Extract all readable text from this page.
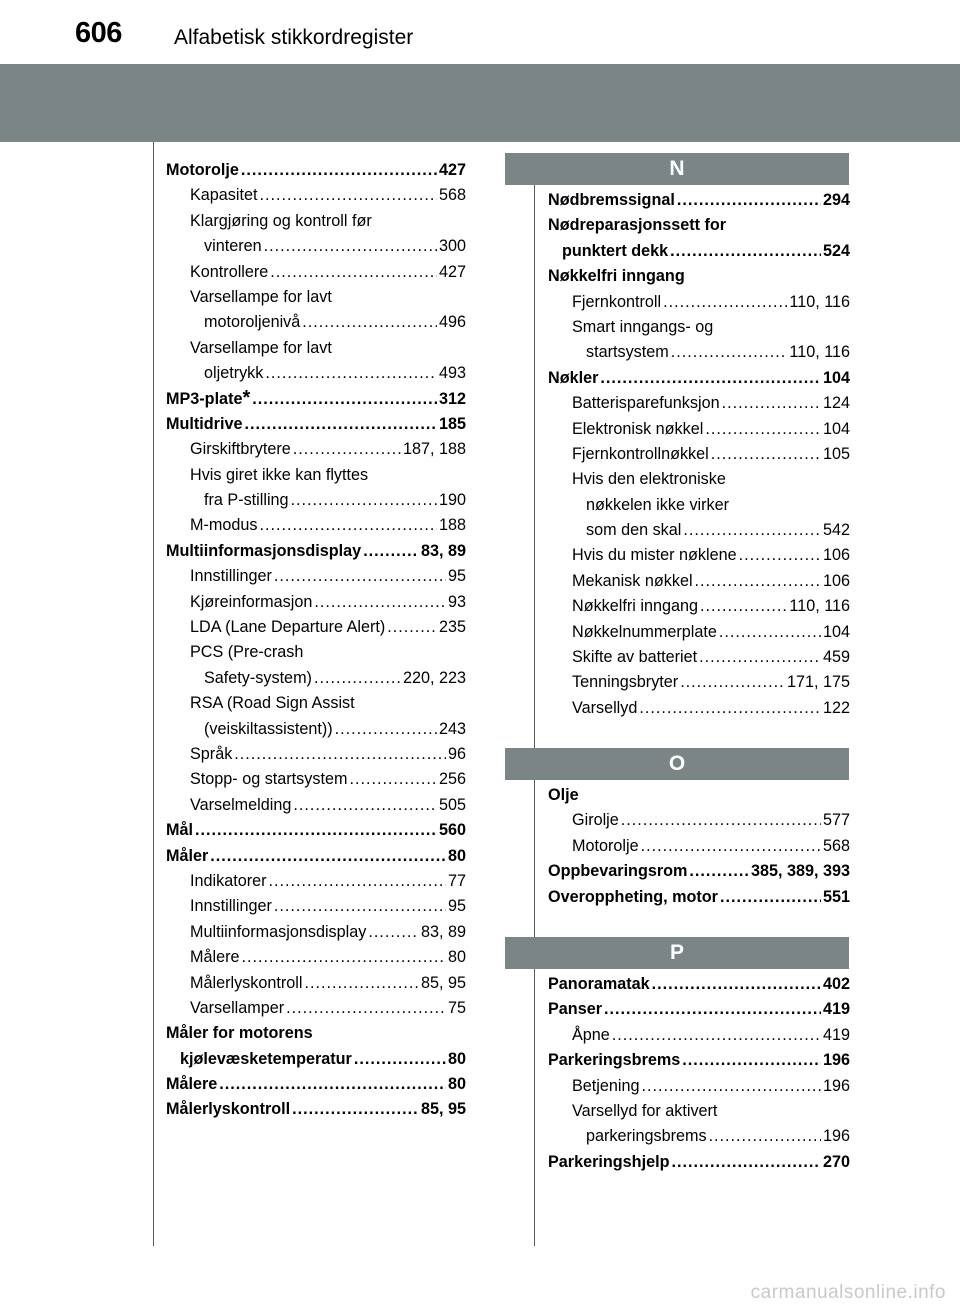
606 Alfabetisk stikkordregister
Motorolje .....	427
Kapasitet .....	568
Klargjøring og kontroll før
vinteren .....	300
Kontrollere .....	427
Varsellampe for lavt
motoroljenivå .....	496
Varsellampe for lavt
oljetrykk .....	493
MP3-plate * .....	312
Multidrive .....	185
Girskiftbrytere .....	187, 188
Hvis giret ikke kan flyttes
fra P-stilling .....	190
M-modus .....	188
Multiinformasjonsdisplay .....	83, 89
Innstillinger .....	95
Kjøreinformasjon .....	93
LDA (Lane Departure Alert) .....	235
PCS (Pre-crash
Safety-system) .....	220, 223
RSA (Road Sign Assist
(veiskiltassistent)) .....	243
Språk .....	96
Stopp- og startsystem .....	256
Varselmelding .....	505
Mål .....	560
Måler .....	80
Indikatorer .....	77
Innstillinger .....	95
Multiinformasjonsdisplay .....	83, 89
Målere .....	80
Målerlyskontroll .....	85, 95
Varsellamper .....	75
Måler for motorens
kjølevæsketemperatur .....	80
Målere .....	80
Målerlyskontroll .....	85, 95
N
Nødbremssignal .....	294
Nødreparasjonssett for
punktert dekk .....	524
Nøkkelfri inngang
Fjernkontroll .....	110, 116
Smart inngangs- og
startsystem .....	110, 116
Nøkler .....	104
Batterisparefunksjon .....	124
Elektronisk nøkkel .....	104
Fjernkontrollnøkkel .....	105
Hvis den elektroniske
nøkkelen ikke virker
som den skal .....	542
Hvis du mister nøklene .....	106
Mekanisk nøkkel .....	106
Nøkkelfri inngang .....	110, 116
Nøkkelnummerplate .....	104
Skifte av batteriet .....	459
Tenningsbryter .....	171, 175
Varsellyd .....	122
O
Olje
Girolje .....	577
Motorolje .....	568
Oppbevaringsrom .....	385, 389, 393
Overoppheting, motor .....	551
P
Panoramatak .....	402
Panser .....	419
Åpne .....	419
Parkeringsbrems .....	196
Betjening .....	196
Varsellyd for aktivert
parkeringsbrems .....	196
Parkeringshjelp .....	270
carmanualsonline.info
